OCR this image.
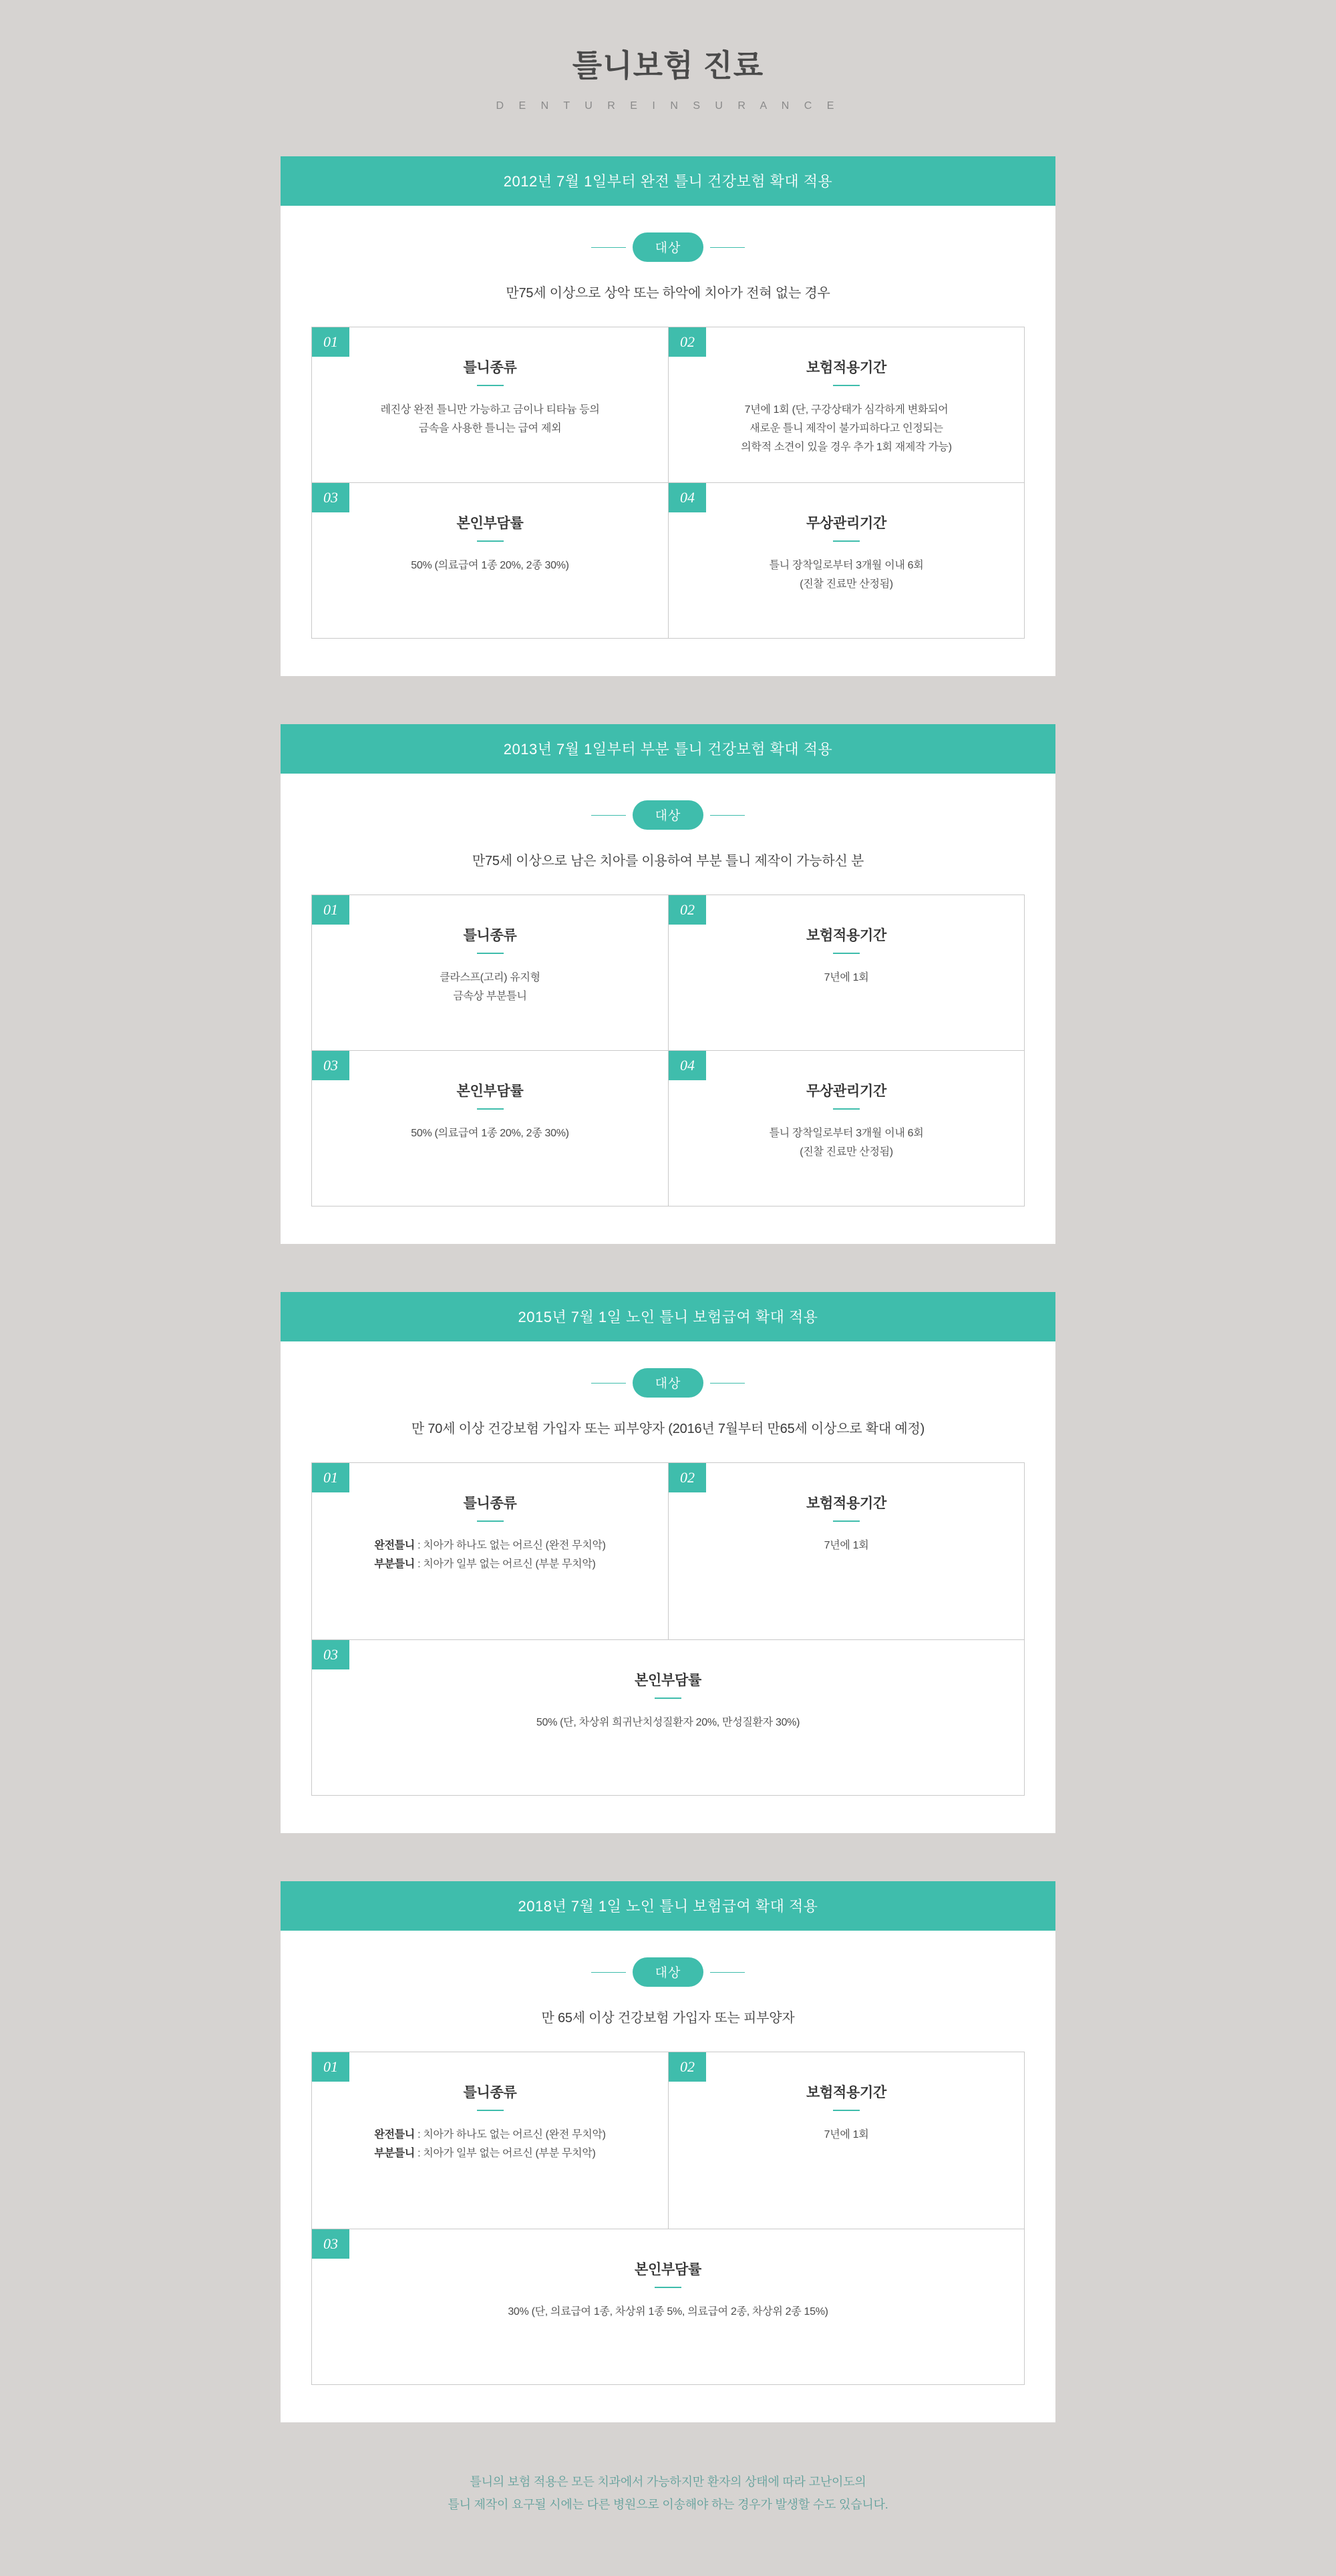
틀니보험 진료
D E N T U R E I N S U R A N C E
2012년 7월 1일부터 완전 틀니 건강보험 확대 적용
대상
만75세 이상으로 상악 또는 하악에 치아가 전혀 없는 경우
01
틀니종류
레진상 완전 틀니만 가능하고 금이나 티타늄 등의
금속을 사용한 틀니는 급여 제외
02
보험적용기간
7년에 1회 (단, 구강상태가 심각하게 변화되어
새로운 틀니 제작이 불가피하다고 인정되는
의학적 소견이 있을 경우 추가 1회 재제작 가능)
03
본인부담률
50% (의료급여 1종 20%, 2종 30%)
04
무상관리기간
틀니 장착일로부터 3개월 이내 6회
(진찰 진료만 산정됨)
2013년 7월 1일부터 부분 틀니 건강보험 확대 적용
대상
만75세 이상으로 남은 치아를 이용하여 부분 틀니 제작이 가능하신 분
01
틀니종류
클라스프(고리) 유지형
금속상 부분틀니
02
보험적용기간
7년에 1회
03
본인부담률
50% (의료급여 1종 20%, 2종 30%)
04
무상관리기간
틀니 장착일로부터 3개월 이내 6회
(진찰 진료만 산정됨)
2015년 7월 1일 노인 틀니 보험급여 확대 적용
대상
만 70세 이상 건강보험 가입자 또는 피부양자 (2016년 7월부터 만65세 이상으로 확대 예정)
01
틀니종류
완전틀니 : 치아가 하나도 없는 어르신 (완전 무치악)
부분틀니 : 치아가 일부 없는 어르신 (부분 무치악)
02
보험적용기간
7년에 1회
03
본인부담률
50% (단, 차상위 희귀난치성질환자 20%, 만성질환자 30%)
2018년 7월 1일 노인 틀니 보험급여 확대 적용
대상
만 65세 이상 건강보험 가입자 또는 피부양자
01
틀니종류
완전틀니 : 치아가 하나도 없는 어르신 (완전 무치악)
부분틀니 : 치아가 일부 없는 어르신 (부분 무치악)
02
보험적용기간
7년에 1회
03
본인부담률
30% (단, 의료급여 1종, 차상위 1종 5%, 의료급여 2종, 차상위 2종 15%)
틀니의 보험 적용은 모든 치과에서 가능하지만 환자의 상태에 따라 고난이도의
틀니 제작이 요구될 시에는 다른 병원으로 이송해야 하는 경우가 발생할 수도 있습니다.
